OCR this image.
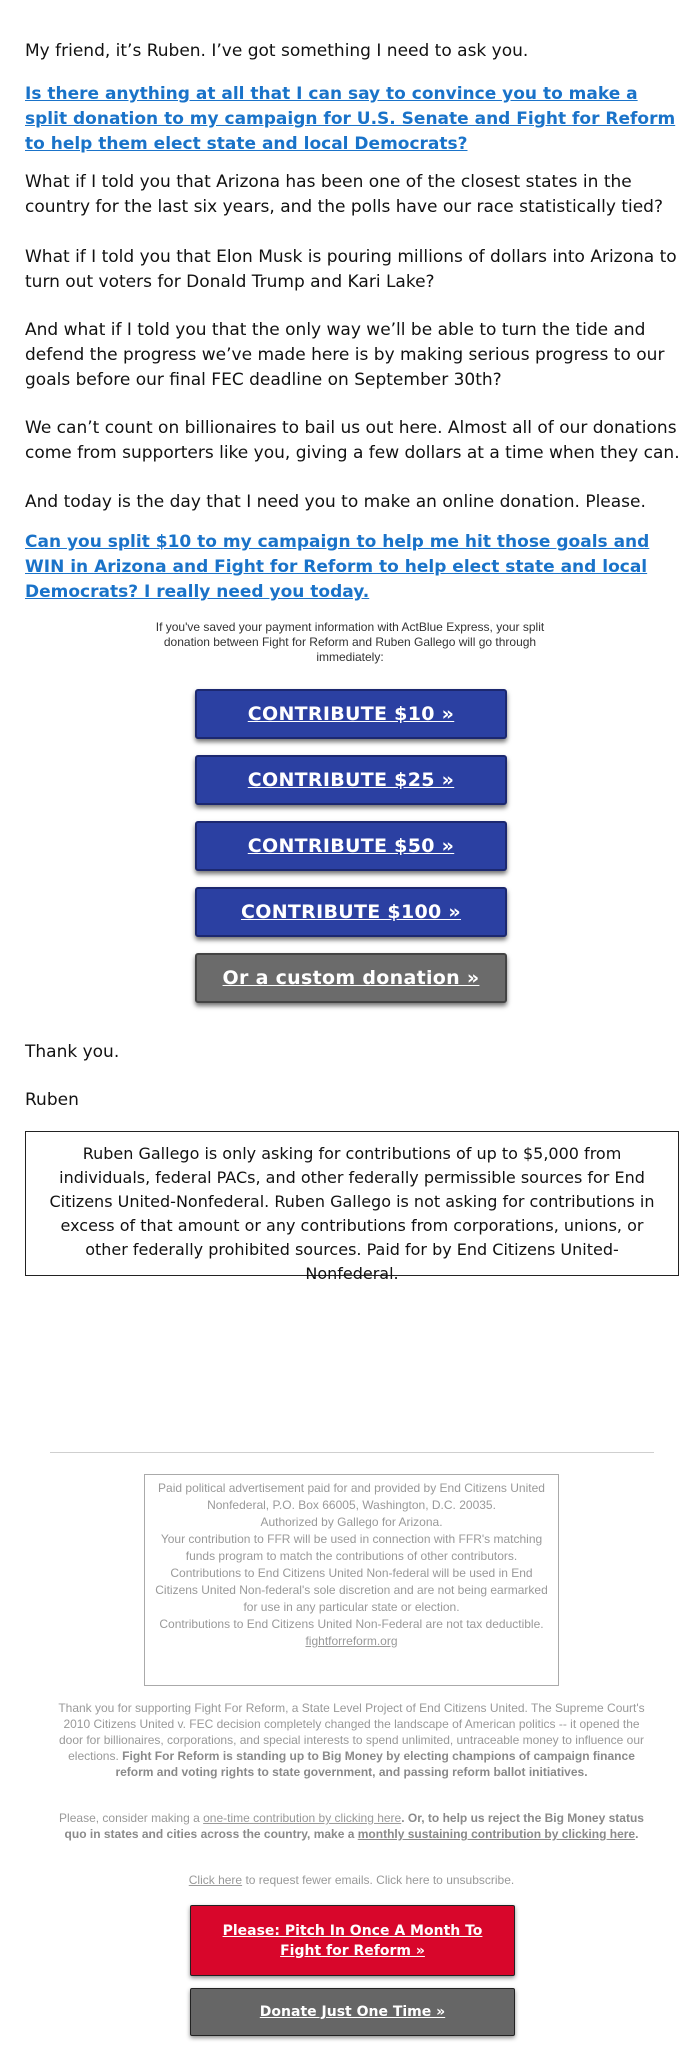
My friend, it’s Ruben. I’ve got something I need to ask you.

Is there anything at all that I can say to convince you to make a split donation to my campaign for U.S. Senate and Fight for Reform to help them elect state and local Democrats?

What if I told you that Arizona has been one of the closest states in the country for the last six years, and the polls have our race statistically tied?

What if I told you that Elon Musk is pouring millions of dollars into Arizona to turn out voters for Donald Trump and Kari Lake?

And what if I told you that the only way we’ll be able to turn the tide and defend the progress we’ve made here is by making serious progress to our goals before our final FEC deadline on September 30th?

We can’t count on billionaires to bail us out here. Almost all of our donations come from supporters like you, giving a few dollars at a time when they can.

And today is the day that I need you to make an online donation. Please.

Can you split $10 to my campaign to help me hit those goals and WIN in Arizona and Fight for Reform to help elect state and local Democrats? I really need you today.

If you've saved your payment information with ActBlue Express, your split donation between Fight for Reform and Ruben Gallego will go through immediately:

CONTRIBUTE $10 »
CONTRIBUTE $25 »
CONTRIBUTE $50 »
CONTRIBUTE $100 »
Or a custom donation »

Thank you.

Ruben

Ruben Gallego is only asking for contributions of up to $5,000 from individuals, federal PACs, and other federally permissible sources for End Citizens United-Nonfederal. Ruben Gallego is not asking for contributions in excess of that amount or any contributions from corporations, unions, or other federally prohibited sources. Paid for by End Citizens United-Nonfederal.
Paid political advertisement paid for and provided by End Citizens United Nonfederal, P.O. Box 66005, Washington, D.C. 20035.
Authorized by Gallego for Arizona.
Your contribution to FFR will be used in connection with FFR's matching funds program to match the contributions of other contributors.
Contributions to End Citizens United Non-federal will be used in End Citizens United Non-federal's sole discretion and are not being earmarked for use in any particular state or election.
Contributions to End Citizens United Non-Federal are not tax deductible.
fightforreform.org
Thank you for supporting Fight For Reform, a State Level Project of End Citizens United. The Supreme Court's 2010 Citizens United v. FEC decision completely changed the landscape of American politics -- it opened the door for billionaires, corporations, and special interests to spend unlimited, untraceable money to influence our elections. Fight For Reform is standing up to Big Money by electing champions of campaign finance reform and voting rights to state government, and passing reform ballot initiatives.
Please, consider making a one-time contribution by clicking here. Or, to help us reject the Big Money status quo in states and cities across the country, make a monthly sustaining contribution by clicking here.
Click here to request fewer emails. Click here to unsubscribe.
Please: Pitch In Once A Month To Fight for Reform »
Donate Just One Time »
